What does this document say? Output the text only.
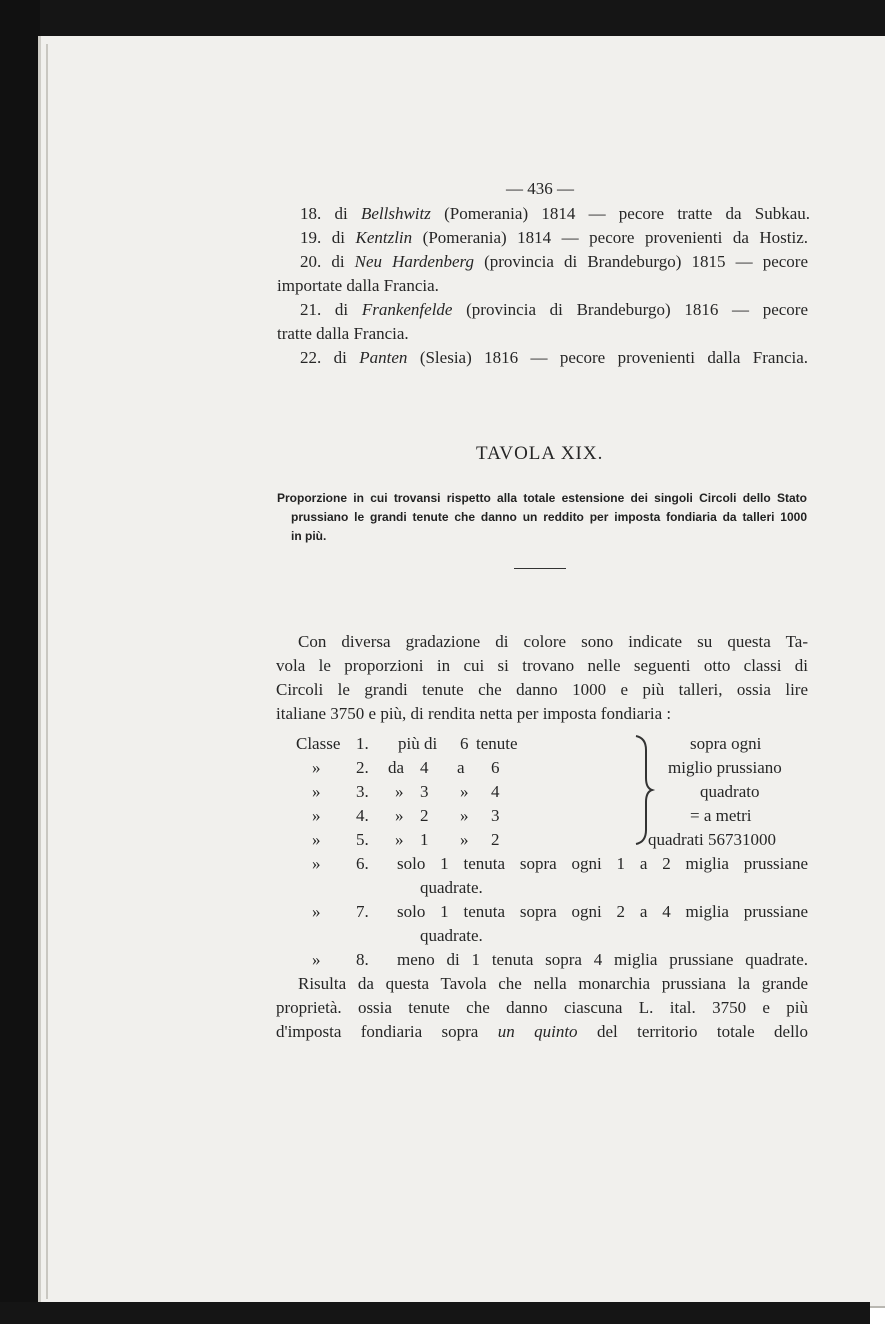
— 436 —
18. di Bellshwitz (Pomerania) 1814 — pecore tratte da Subkau.
19. di Kentzlin (Pomerania) 1814 — pecore provenienti da Hostiz.
20. di Neu Hardenberg (provincia di Brandeburgo) 1815 — pecore
importate dalla Francia.
21. di Frankenfelde (provincia di Brandeburgo) 1816 — pecore
tratte dalla Francia.
22. di Panten (Slesia) 1816 — pecore provenienti dalla Francia.
TAVOLA XIX.
Proporzione in cui trovansi rispetto alla totale estensione dei singoli Circoli dello Stato
prussiano le grandi tenute che danno un reddito per imposta fondiaria da talleri 1000
in più.
Con diversa gradazione di colore sono indicate su questa Ta-
vola le proporzioni in cui si trovano nelle seguenti otto classi di
Circoli le grandi tenute che danno 1000 e più talleri, ossia lire
italiane 3750 e più, di rendita netta per imposta fondiaria :
Classe 1. più di 6 tenute
» 2. da 4 a 6
» 3. » 3 » 4
» 4. » 2 » 3
» 5. » 1 » 2
sopra ogni
miglio prussiano
quadrato
= a metri
quadrati 56731000
» 6. solo 1 tenuta sopra ogni 1 a 2 miglia prussiane
quadrate.
» 7. solo 1 tenuta sopra ogni 2 a 4 miglia prussiane
quadrate.
» 8. meno di 1 tenuta sopra 4 miglia prussiane quadrate.
Risulta da questa Tavola che nella monarchia prussiana la grande
proprietà. ossia tenute che danno ciascuna L. ital. 3750 e più
d'imposta fondiaria sopra un quinto del territorio totale dello
